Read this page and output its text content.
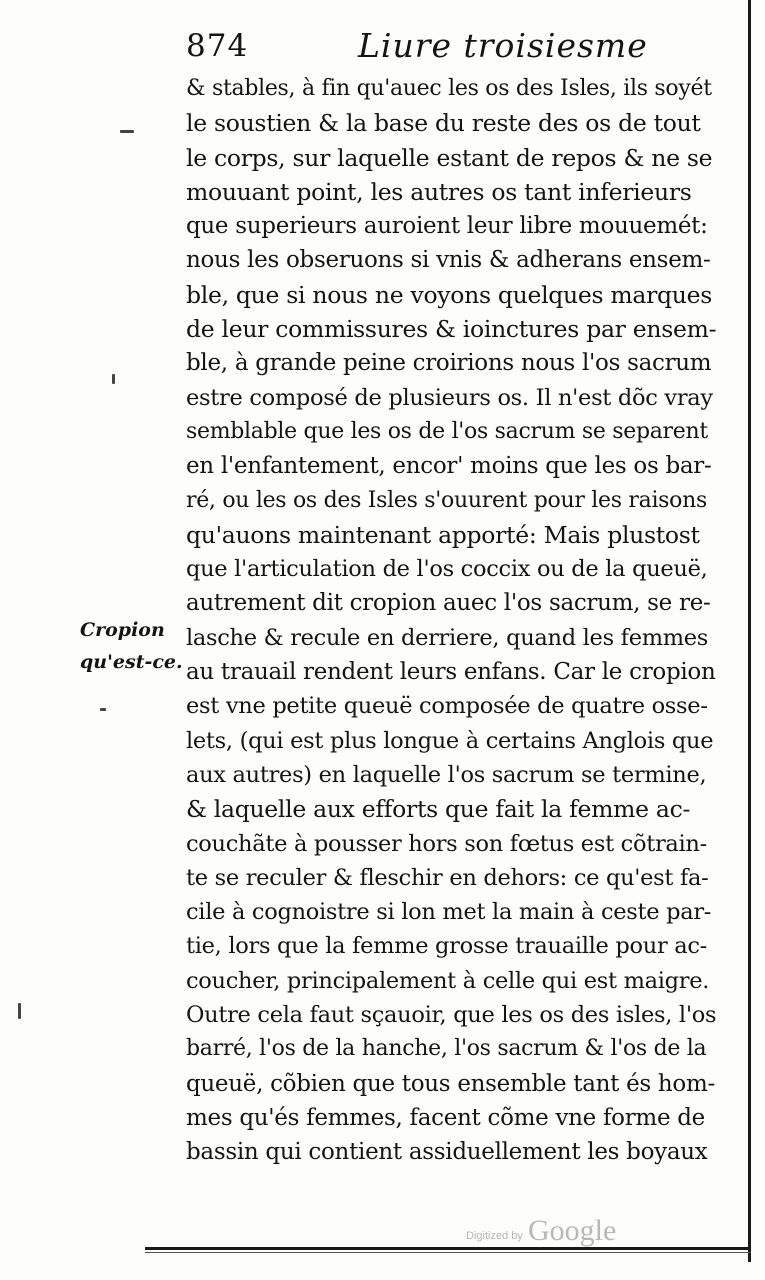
874	Liure troisiesme
Cropion
qu'est-ce.
& stables, à fin qu'auec les os des Isles, ils soyét
le soustien & la base du reste des os de tout
le corps, sur laquelle estant de repos & ne se
mouuant point, les autres os tant inferieurs
que superieurs auroient leur libre mouuemét:
nous les obseruons si vnis & adherans ensem-
ble, que si nous ne voyons quelques marques
de leur commissures & ioinctures par ensem-
ble, à grande peine croirions nous l'os sacrum
estre composé de plusieurs os. Il n'est dõc vray
semblable que les os de l'os sacrum se separent
en l'enfantement, encor' moins que les os bar-
ré, ou les os des Isles s'ouurent pour les raisons
qu'auons maintenant apporté: Mais plustost
que l'articulation de l'os coccix ou de la queuë,
autrement dit cropion auec l'os sacrum, se re-
lasche & recule en derriere, quand les femmes
au trauail rendent leurs enfans. Car le cropion
est vne petite queuë composée de quatre osse-
lets, (qui est plus longue à certains Anglois que
aux autres) en laquelle l'os sacrum se termine,
& laquelle aux efforts que fait la femme ac-
couchãte à pousser hors son fœtus est cõtrain-
te se reculer & fleschir en dehors: ce qu'est fa-
cile à cognoistre si lon met la main à ceste par-
tie, lors que la femme grosse trauaille pour ac-
coucher, principalement à celle qui est maigre.
Outre cela faut sçauoir, que les os des isles, l'os
barré, l'os de la hanche, l'os sacrum & l'os de la
queuë, cõbien que tous ensemble tant és hom-
mes qu'és femmes, facent cõme vne forme de
bassin qui contient assiduellement les boyaux
Digitized by Google
